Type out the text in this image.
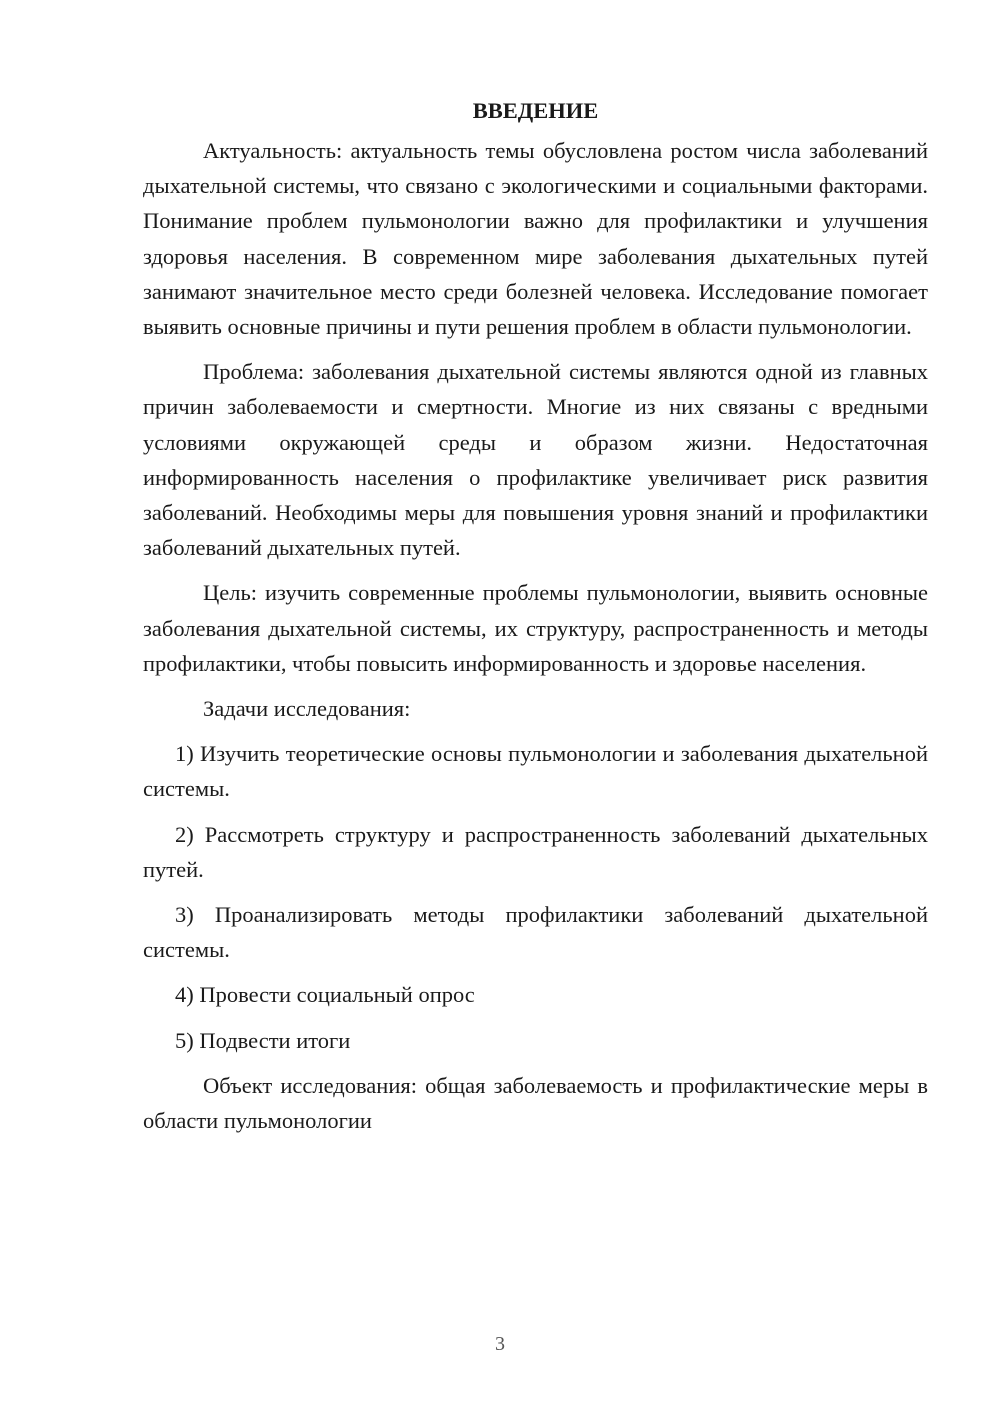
ВВЕДЕНИЕ

Актуальность: актуальность темы обусловлена ростом числа заболеваний дыхательной системы, что связано с экологическими и социальными факторами. Понимание проблем пульмонологии важно для профилактики и улучшения здоровья населения. В современном мире заболевания дыхательных путей занимают значительное место среди болезней человека. Исследование помогает выявить основные причины и пути решения проблем в области пульмонологии.

Проблема: заболевания дыхательной системы являются одной из главных причин заболеваемости и смертности. Многие из них связаны с вредными условиями окружающей среды и образом жизни. Недостаточная информированность населения о профилактике увеличивает риск развития заболеваний. Необходимы меры для повышения уровня знаний и профилактики заболеваний дыхательных путей.

Цель: изучить современные проблемы пульмонологии, выявить основные заболевания дыхательной системы, их структуру, распространенность и методы профилактики, чтобы повысить информированность и здоровье населения.

Задачи исследования:

1) Изучить теоретические основы пульмонологии и заболевания дыхательной системы.

2) Рассмотреть структуру и распространенность заболеваний дыхательных путей.

3) Проанализировать методы профилактики заболеваний дыхательной системы.

4) Провести социальный опрос

5) Подвести итоги

Объект исследования: общая заболеваемость и профилактические меры в области пульмонологии

3
